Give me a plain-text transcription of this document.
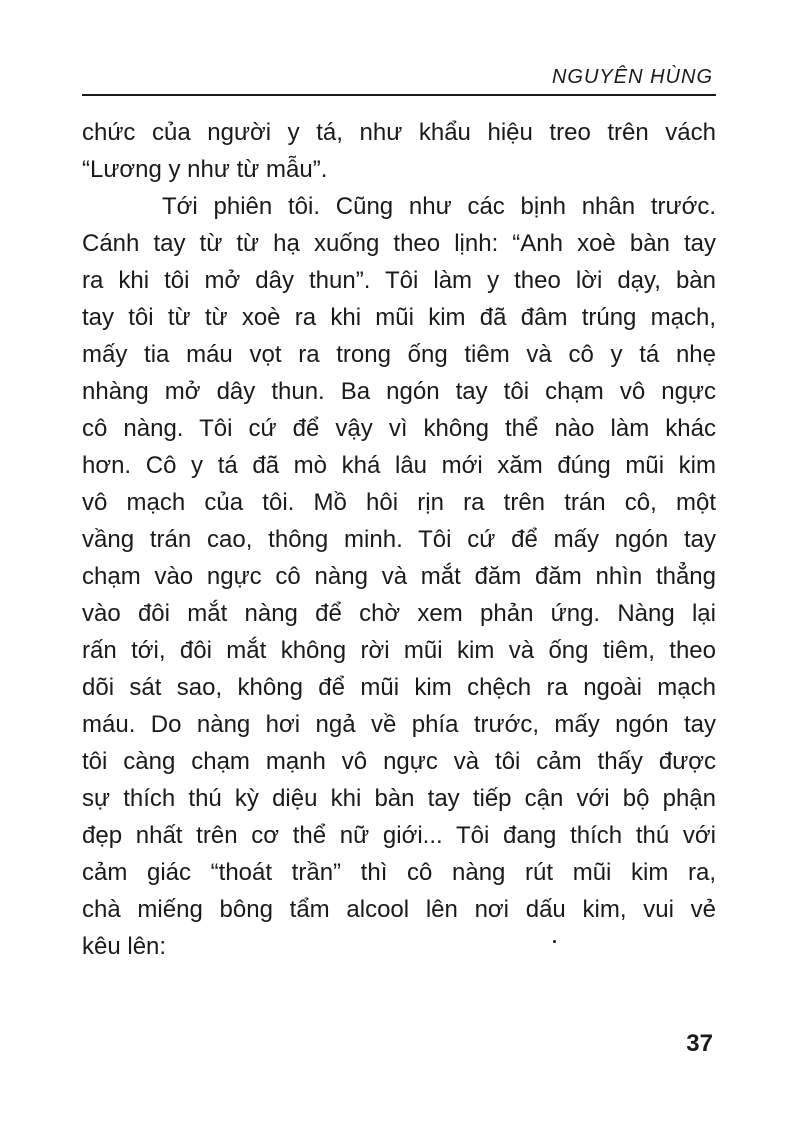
NGUYÊN HÙNG
chức của người y tá, như khẩu hiệu treo trên vách
“Lương y như từ mẫu”.
Tới phiên tôi. Cũng như các bịnh nhân trước.
Cánh tay từ từ hạ xuống theo lịnh: “Anh xoè bàn tay
ra khi tôi mở dây thun”. Tôi làm y theo lời dạy, bàn
tay tôi từ từ xoè ra khi mũi kim đã đâm trúng mạch,
mấy tia máu vọt ra trong ống tiêm và cô y tá nhẹ
nhàng mở dây thun. Ba ngón tay tôi chạm vô ngực
cô nàng. Tôi cứ để vậy vì không thể nào làm khác
hơn. Cô y tá đã mò khá lâu mới xăm đúng mũi kim
vô mạch của tôi. Mồ hôi rịn ra trên trán cô, một
vầng trán cao, thông minh. Tôi cứ để mấy ngón tay
chạm vào ngực cô nàng và mắt đăm đăm nhìn thẳng
vào đôi mắt nàng để chờ xem phản ứng. Nàng lại
rấn tới, đôi mắt không rời mũi kim và ống tiêm, theo
dõi sát sao, không để mũi kim chệch ra ngoài mạch
máu. Do nàng hơi ngả về phía trước, mấy ngón tay
tôi càng chạm mạnh vô ngực và tôi cảm thấy được
sự thích thú kỳ diệu khi bàn tay tiếp cận với bộ phận
đẹp nhất trên cơ thể nữ giới... Tôi đang thích thú với
cảm giác “thoát trần” thì cô nàng rút mũi kim ra,
chà miếng bông tẩm alcool lên nơi dấu kim, vui vẻ
kêu lên:
37
